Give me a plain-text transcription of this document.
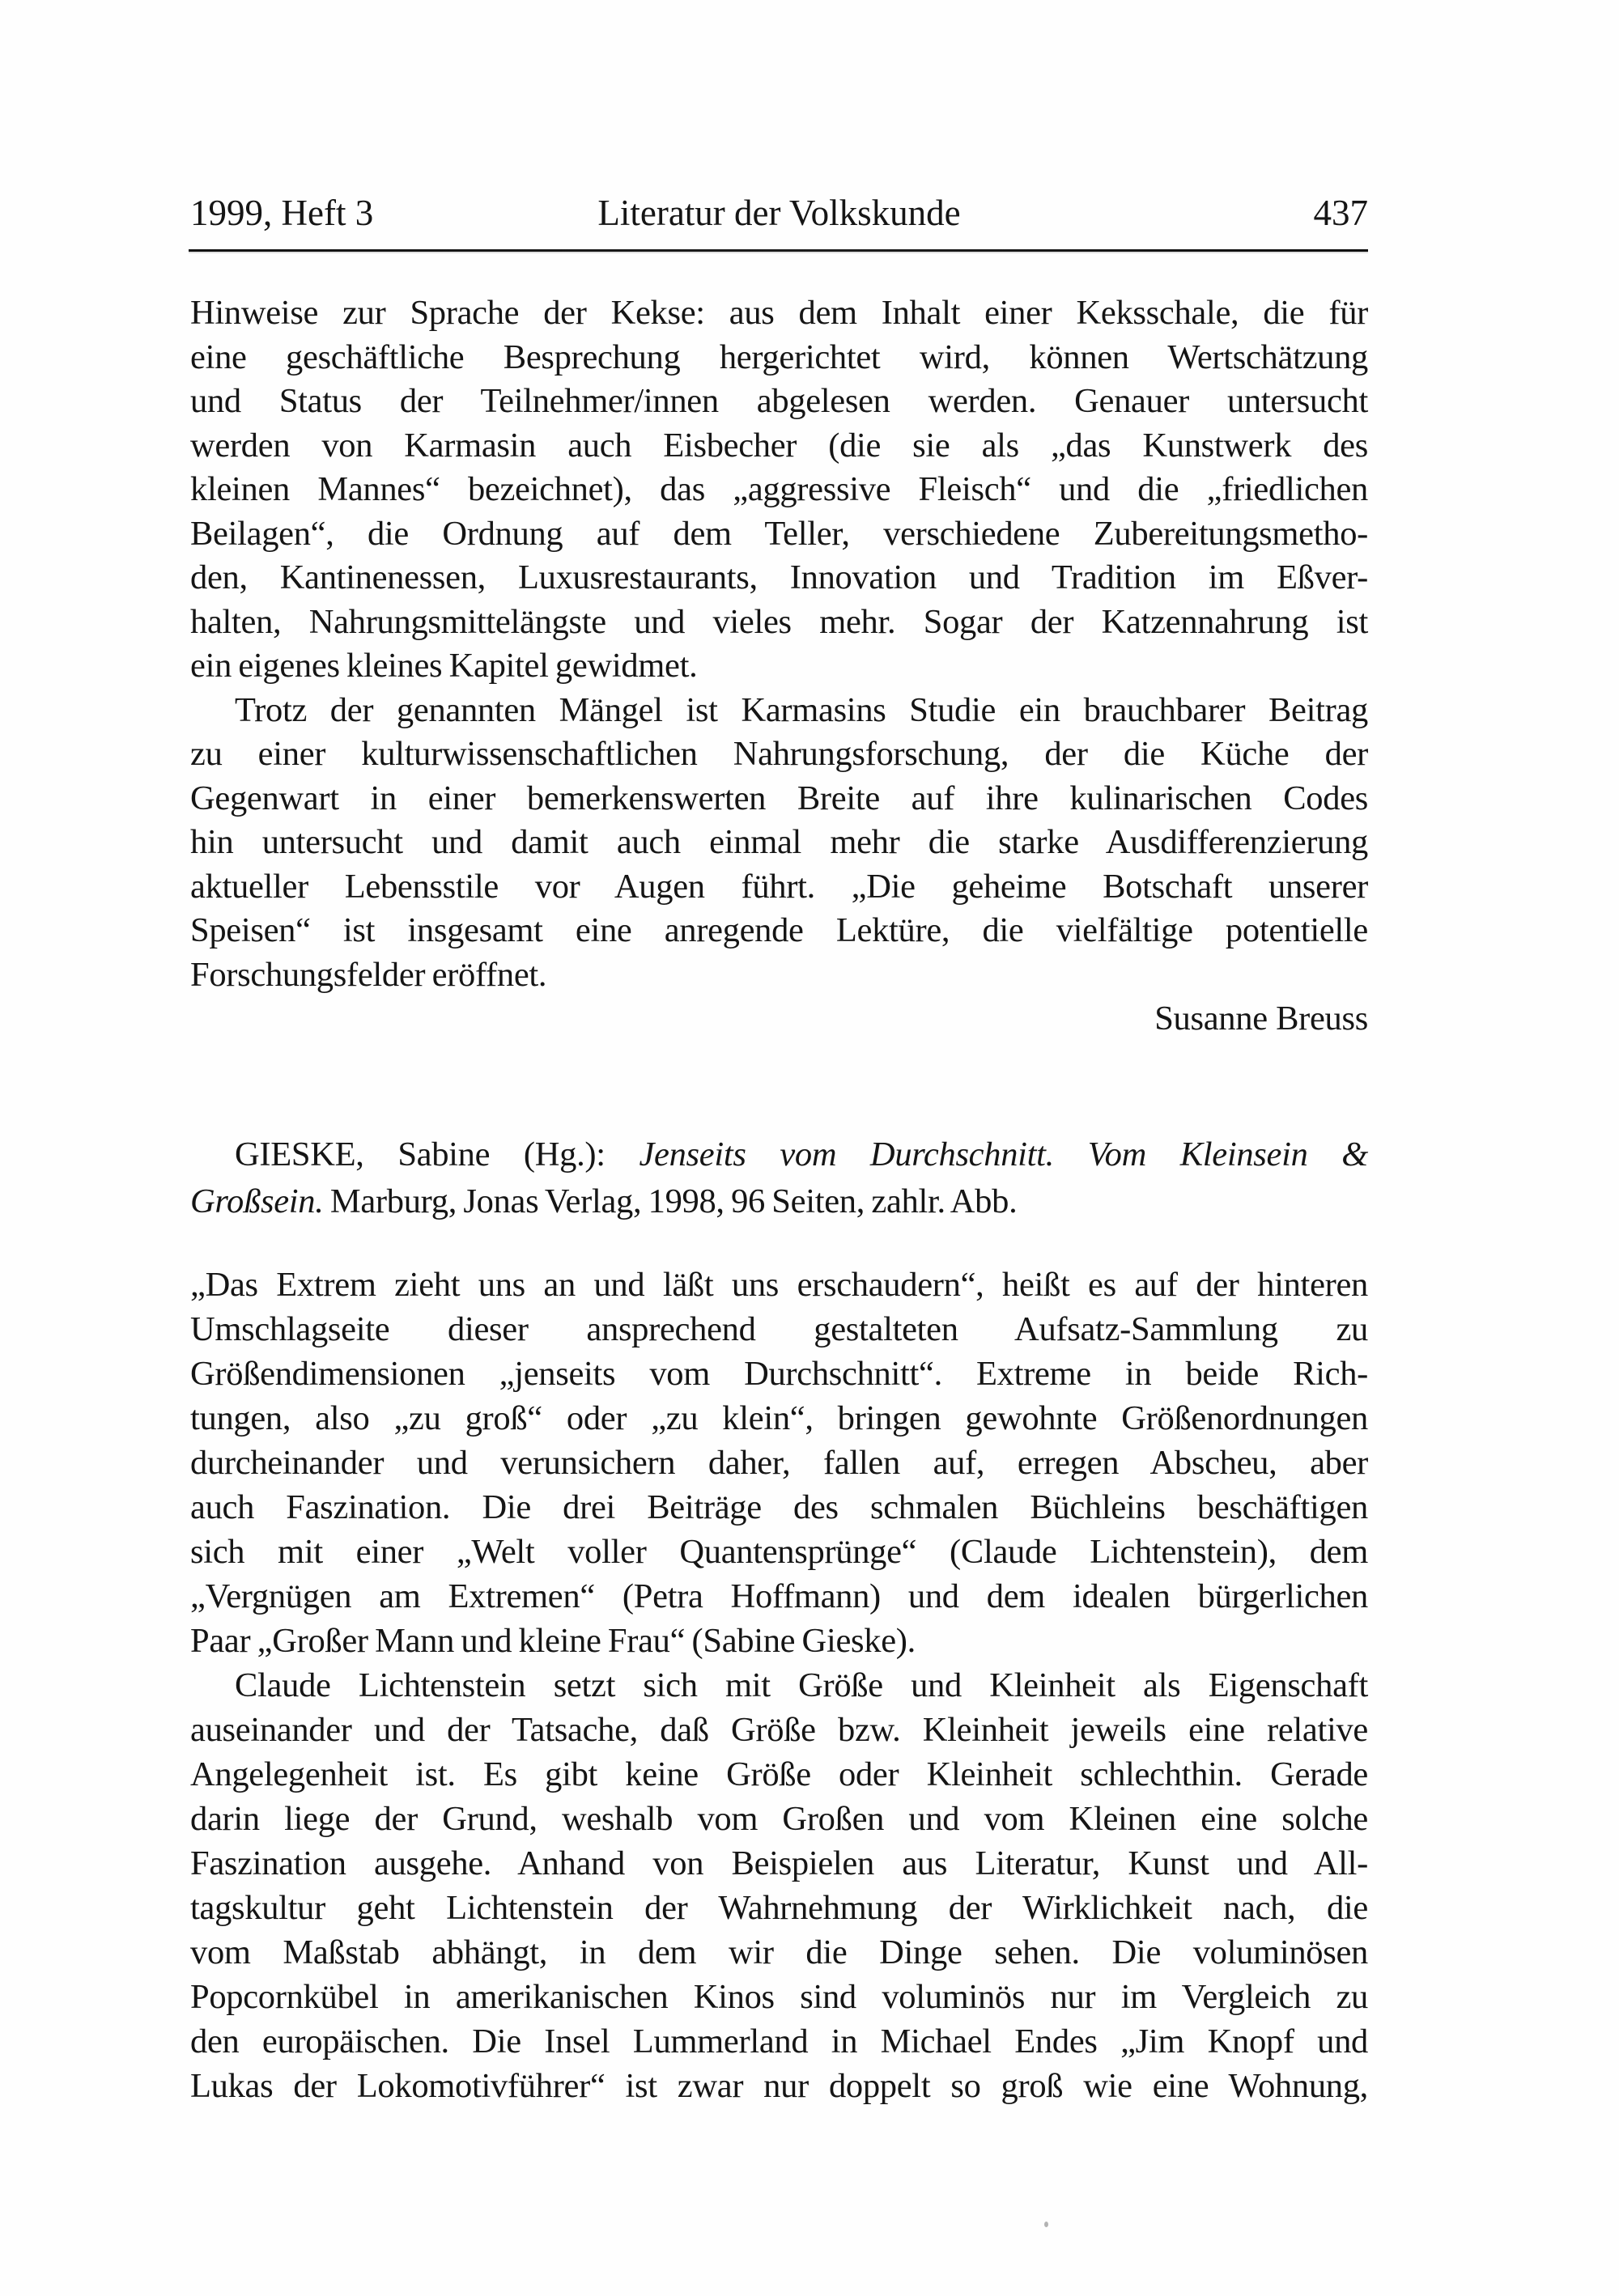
1999, Heft 3	Literatur der Volkskunde	437
Hinweise zur Sprache der Kekse: aus dem Inhalt einer Keksschale, die für
eine geschäftliche Besprechung hergerichtet wird, können Wertschätzung
und Status der Teilnehmer/innen abgelesen werden. Genauer untersucht
werden von Karmasin auch Eisbecher (die sie als „das Kunstwerk des
kleinen Mannes“ bezeichnet), das „aggressive Fleisch“ und die „friedlichen
Beilagen“, die Ordnung auf dem Teller, verschiedene Zubereitungsmetho-
den, Kantinenessen, Luxusrestaurants, Innovation und Tradition im Eßver-
halten, Nahrungsmittelängste und vieles mehr. Sogar der Katzennahrung ist
ein eigenes kleines Kapitel gewidmet.
Trotz der genannten Mängel ist Karmasins Studie ein brauchbarer Beitrag
zu einer kulturwissenschaftlichen Nahrungsforschung, der die Küche der
Gegenwart in einer bemerkenswerten Breite auf ihre kulinarischen Codes
hin untersucht und damit auch einmal mehr die starke Ausdifferenzierung
aktueller Lebensstile vor Augen führt. „Die geheime Botschaft unserer
Speisen“ ist insgesamt eine anregende Lektüre, die vielfältige potentielle
Forschungsfelder eröffnet.
Susanne Breuss
GIESKE, Sabine (Hg.): Jenseits vom Durchschnitt. Vom Kleinsein &
Großsein. Marburg, Jonas Verlag, 1998, 96 Seiten, zahlr. Abb.
„Das Extrem zieht uns an und läßt uns erschaudern“, heißt es auf der hinteren
Umschlagseite dieser ansprechend gestalteten Aufsatz-Sammlung zu
Größendimensionen „jenseits vom Durchschnitt“. Extreme in beide Rich-
tungen, also „zu groß“ oder „zu klein“, bringen gewohnte Größenordnungen
durcheinander und verunsichern daher, fallen auf, erregen Abscheu, aber
auch Faszination. Die drei Beiträge des schmalen Büchleins beschäftigen
sich mit einer „Welt voller Quantensprünge“ (Claude Lichtenstein), dem
„Vergnügen am Extremen“ (Petra Hoffmann) und dem idealen bürgerlichen
Paar „Großer Mann und kleine Frau“ (Sabine Gieske).
Claude Lichtenstein setzt sich mit Größe und Kleinheit als Eigenschaft
auseinander und der Tatsache, daß Größe bzw. Kleinheit jeweils eine relative
Angelegenheit ist. Es gibt keine Größe oder Kleinheit schlechthin. Gerade
darin liege der Grund, weshalb vom Großen und vom Kleinen eine solche
Faszination ausgehe. Anhand von Beispielen aus Literatur, Kunst und All-
tagskultur geht Lichtenstein der Wahrnehmung der Wirklichkeit nach, die
vom Maßstab abhängt, in dem wir die Dinge sehen. Die voluminösen
Popcornkübel in amerikanischen Kinos sind voluminös nur im Vergleich zu
den europäischen. Die Insel Lummerland in Michael Endes „Jim Knopf und
Lukas der Lokomotivführer“ ist zwar nur doppelt so groß wie eine Wohnung,
